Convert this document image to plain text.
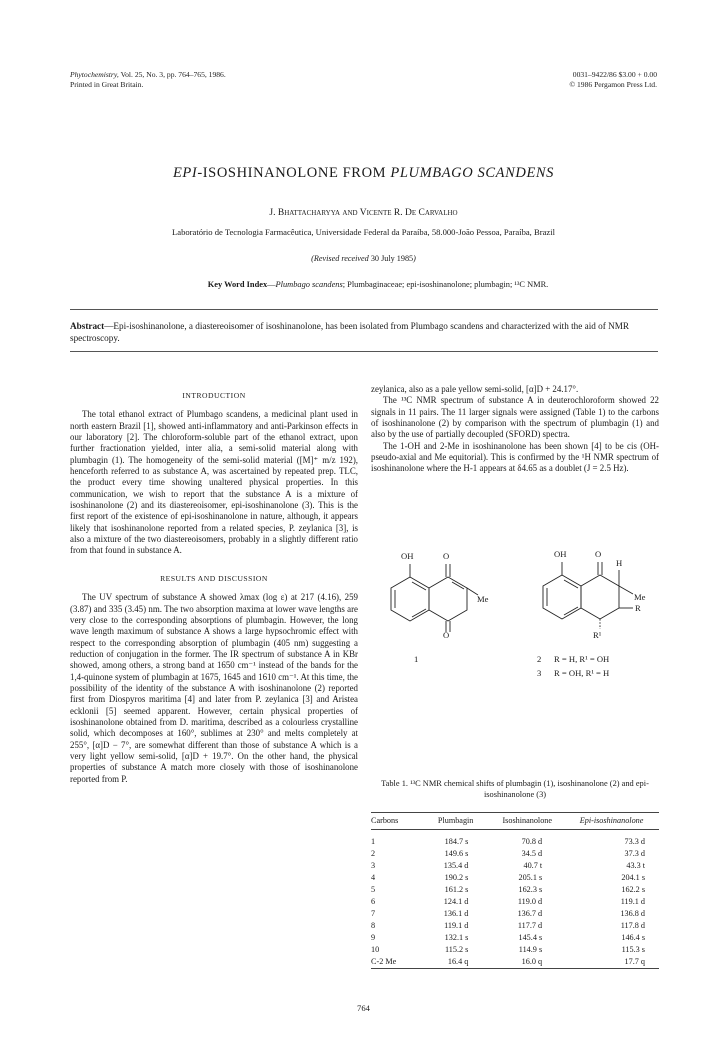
Phytochemistry, Vol. 25, No. 3, pp. 764–765, 1986.
Printed in Great Britain.
0031–9422/86 $3.00 + 0.00
© 1986 Pergamon Press Ltd.
EPI-ISOSHINANOLONE FROM PLUMBAGO SCANDENS
J. Bhattacharyya and Vicente R. De Carvalho
Laboratório de Tecnologia Farmacêutica, Universidade Federal da Paraíba, 58.000-João Pessoa, Paraíba, Brazil
(Revised received 30 July 1985)
Key Word Index—Plumbago scandens; Plumbaginaceae; epi-isoshinanolone; plumbagin; ¹³C NMR.
Abstract—Epi-isoshinanolone, a diastereoisomer of isoshinanolone, has been isolated from Plumbago scandens and characterized with the aid of NMR spectroscopy.
INTRODUCTION

The total ethanol extract of Plumbago scandens, a medicinal plant used in north eastern Brazil [1], showed anti-inflammatory and anti-Parkinson effects in our laboratory [2]. The chloroform-soluble part of the ethanol extract, upon further fractionation yielded, inter alia, a semi-solid material along with plumbagin (1). The homogeneity of the semi-solid material ([M]⁺ m/z 192), henceforth referred to as substance A, was ascertained by repeated prep. TLC, the product every time showing unaltered physical properties. In this communication, we wish to report that the substance A is a mixture of isoshinanolone (2) and its diastereoisomer, epi-isoshinanolone (3). This is the first report of the existence of epi-isoshinanolone in nature, although, it appears likely that isoshinanolone reported from a related species, P. zeylanica [3], is also a mixture of the two diastereoisomers, probably in a slightly different ratio from that found in substance A.

RESULTS AND DISCUSSION

The UV spectrum of substance A showed λmax (log ε) at 217 (4.16), 259 (3.87) and 335 (3.45) nm. The two absorption maxima at lower wave lengths are very close to the corresponding absorptions of plumbagin. However, the long wave length maximum of substance A shows a large hypsochromic effect with respect to the corresponding absorption of plumbagin (405 nm) suggesting a reduction of conjugation in the former. The IR spectrum of substance A in KBr showed, among others, a strong band at 1650 cm⁻¹ instead of the bands for the 1,4-quinone system of plumbagin at 1675, 1645 and 1610 cm⁻¹. At this time, the possibility of the identity of the substance A with isoshinanolone (2) reported first from Diospyros maritima [4] and later from P. zeylanica [3] and Aristea ecklonii [5] seemed apparent. However, certain physical properties of isoshinanolone obtained from D. maritima, described as a colourless crystalline solid, which decomposes at 160°, sublimes at 230° and melts completely at 255°, [α]D − 7°, are somewhat different than those of substance A which is a very light yellow semi-solid, [α]D + 19.7°. On the other hand, the physical properties of substance A match more closely with those of isoshinanolone reported from P.

zeylanica, also as a pale yellow semi-solid, [α]D + 24.17°.

The ¹³C NMR spectrum of substance A in deuterochloroform showed 22 signals in 11 pairs. The 11 larger signals were assigned (Table 1) to the carbons of isoshinanolone (2) by comparison with the spectrum of plumbagin (1) and also by the use of partially decoupled (SFORD) spectra.

The 1-OH and 2-Me in isoshinanolone has been shown [4] to be cis (OH-pseudo-axial and Me equitorial). This is confirmed by the ¹H NMR spectrum of isoshinanolone where the H-1 appears at δ4.65 as a doublet (J = 2.5 Hz).

OH	O
Me
O
OH	O
H
Me
R
R¹
1	2 R = H, R¹ = OH
3 R = OH, R¹ = H
Table 1. ¹³C NMR chemical shifts of plumbagin (1), isoshinanolone (2) and epi-isoshinanolone (3)
Carbons	Plumbagin	Isoshinanolone	Epi-isoshinanolone
1	184.7 s	70.8 d	73.3 d
2	149.6 s	34.5 d	37.3 d
3	135.4 d	40.7 t	43.3 t
4	190.2 s	205.1 s	204.1 s
5	161.2 s	162.3 s	162.2 s
6	124.1 d	119.0 d	119.1 d
7	136.1 d	136.7 d	136.8 d
8	119.1 d	117.7 d	117.8 d
9	132.1 s	145.4 s	146.4 s
10	115.2 s	114.9 s	115.3 s
C-2 Me	16.4 q	16.0 q	17.7 q
764
